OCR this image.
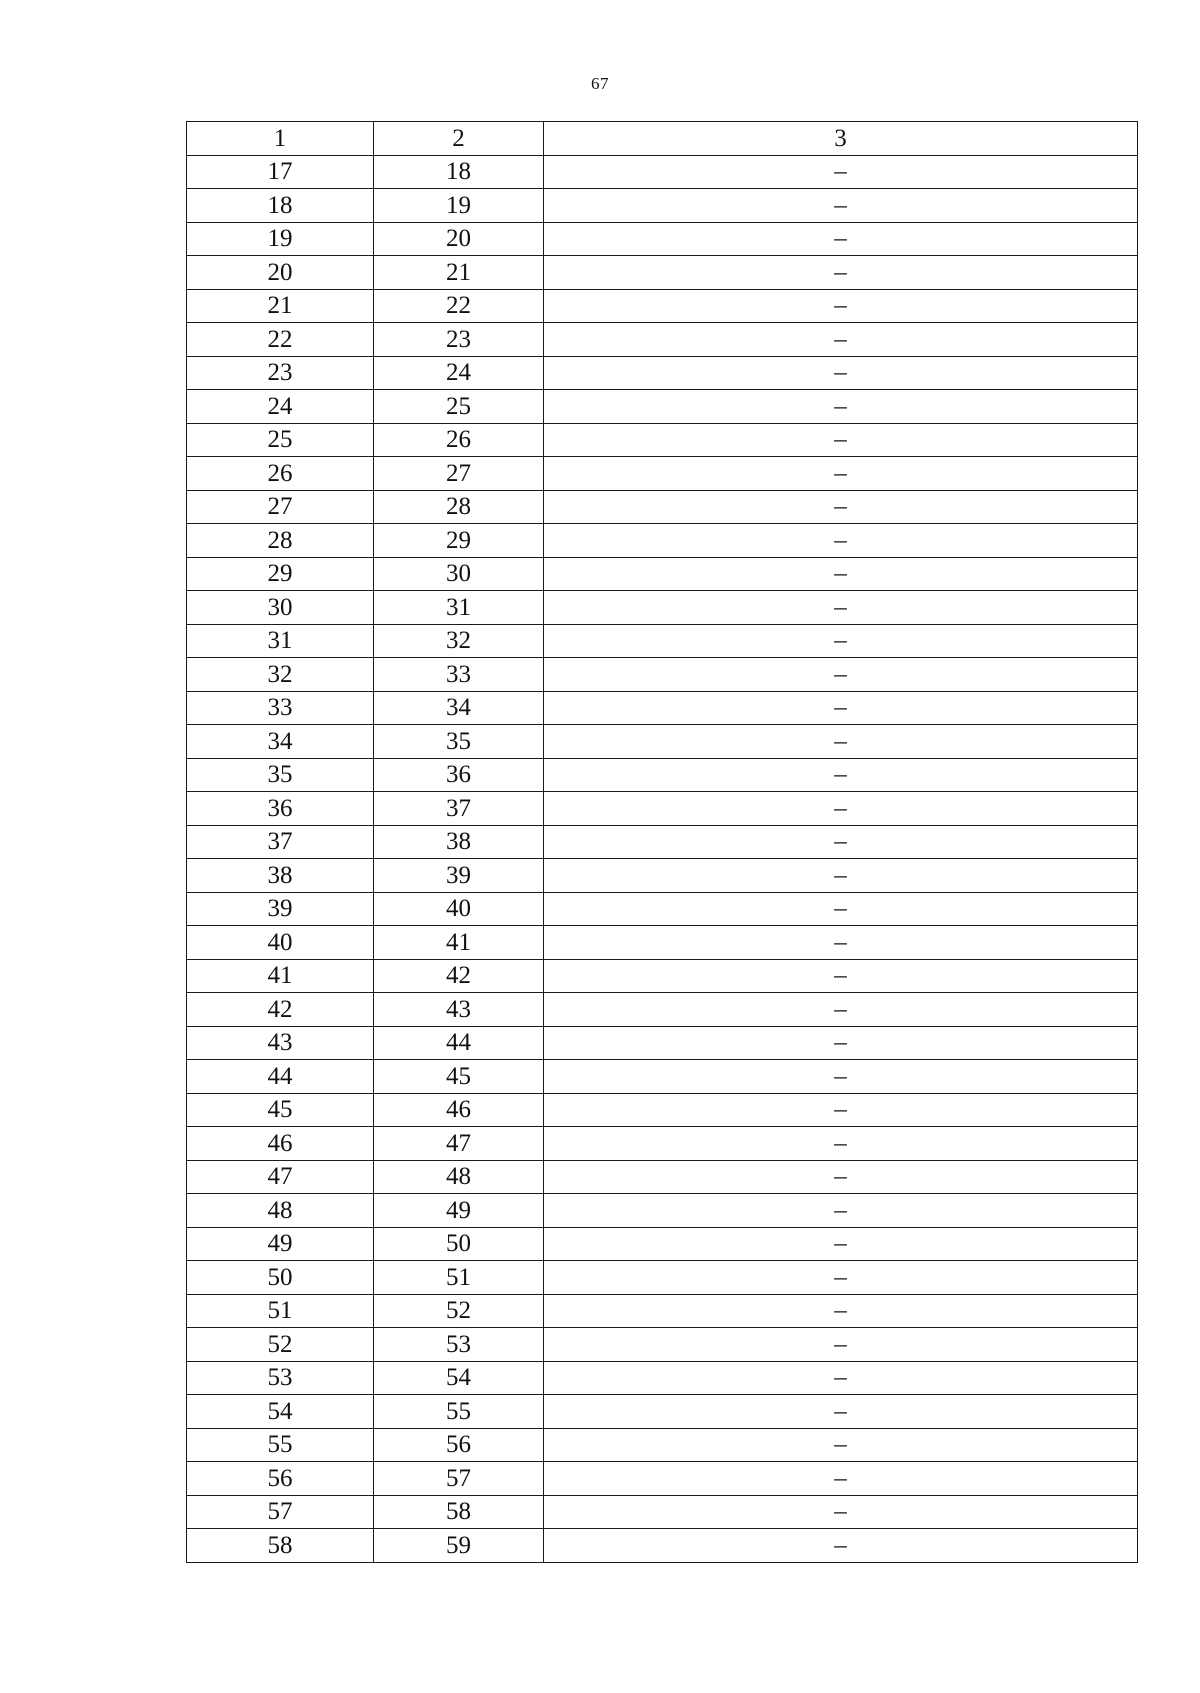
67
1	2	3
17	18	–
18	19	–
19	20	–
20	21	–
21	22	–
22	23	–
23	24	–
24	25	–
25	26	–
26	27	–
27	28	–
28	29	–
29	30	–
30	31	–
31	32	–
32	33	–
33	34	–
34	35	–
35	36	–
36	37	–
37	38	–
38	39	–
39	40	–
40	41	–
41	42	–
42	43	–
43	44	–
44	45	–
45	46	–
46	47	–
47	48	–
48	49	–
49	50	–
50	51	–
51	52	–
52	53	–
53	54	–
54	55	–
55	56	–
56	57	–
57	58	–
58	59	–
